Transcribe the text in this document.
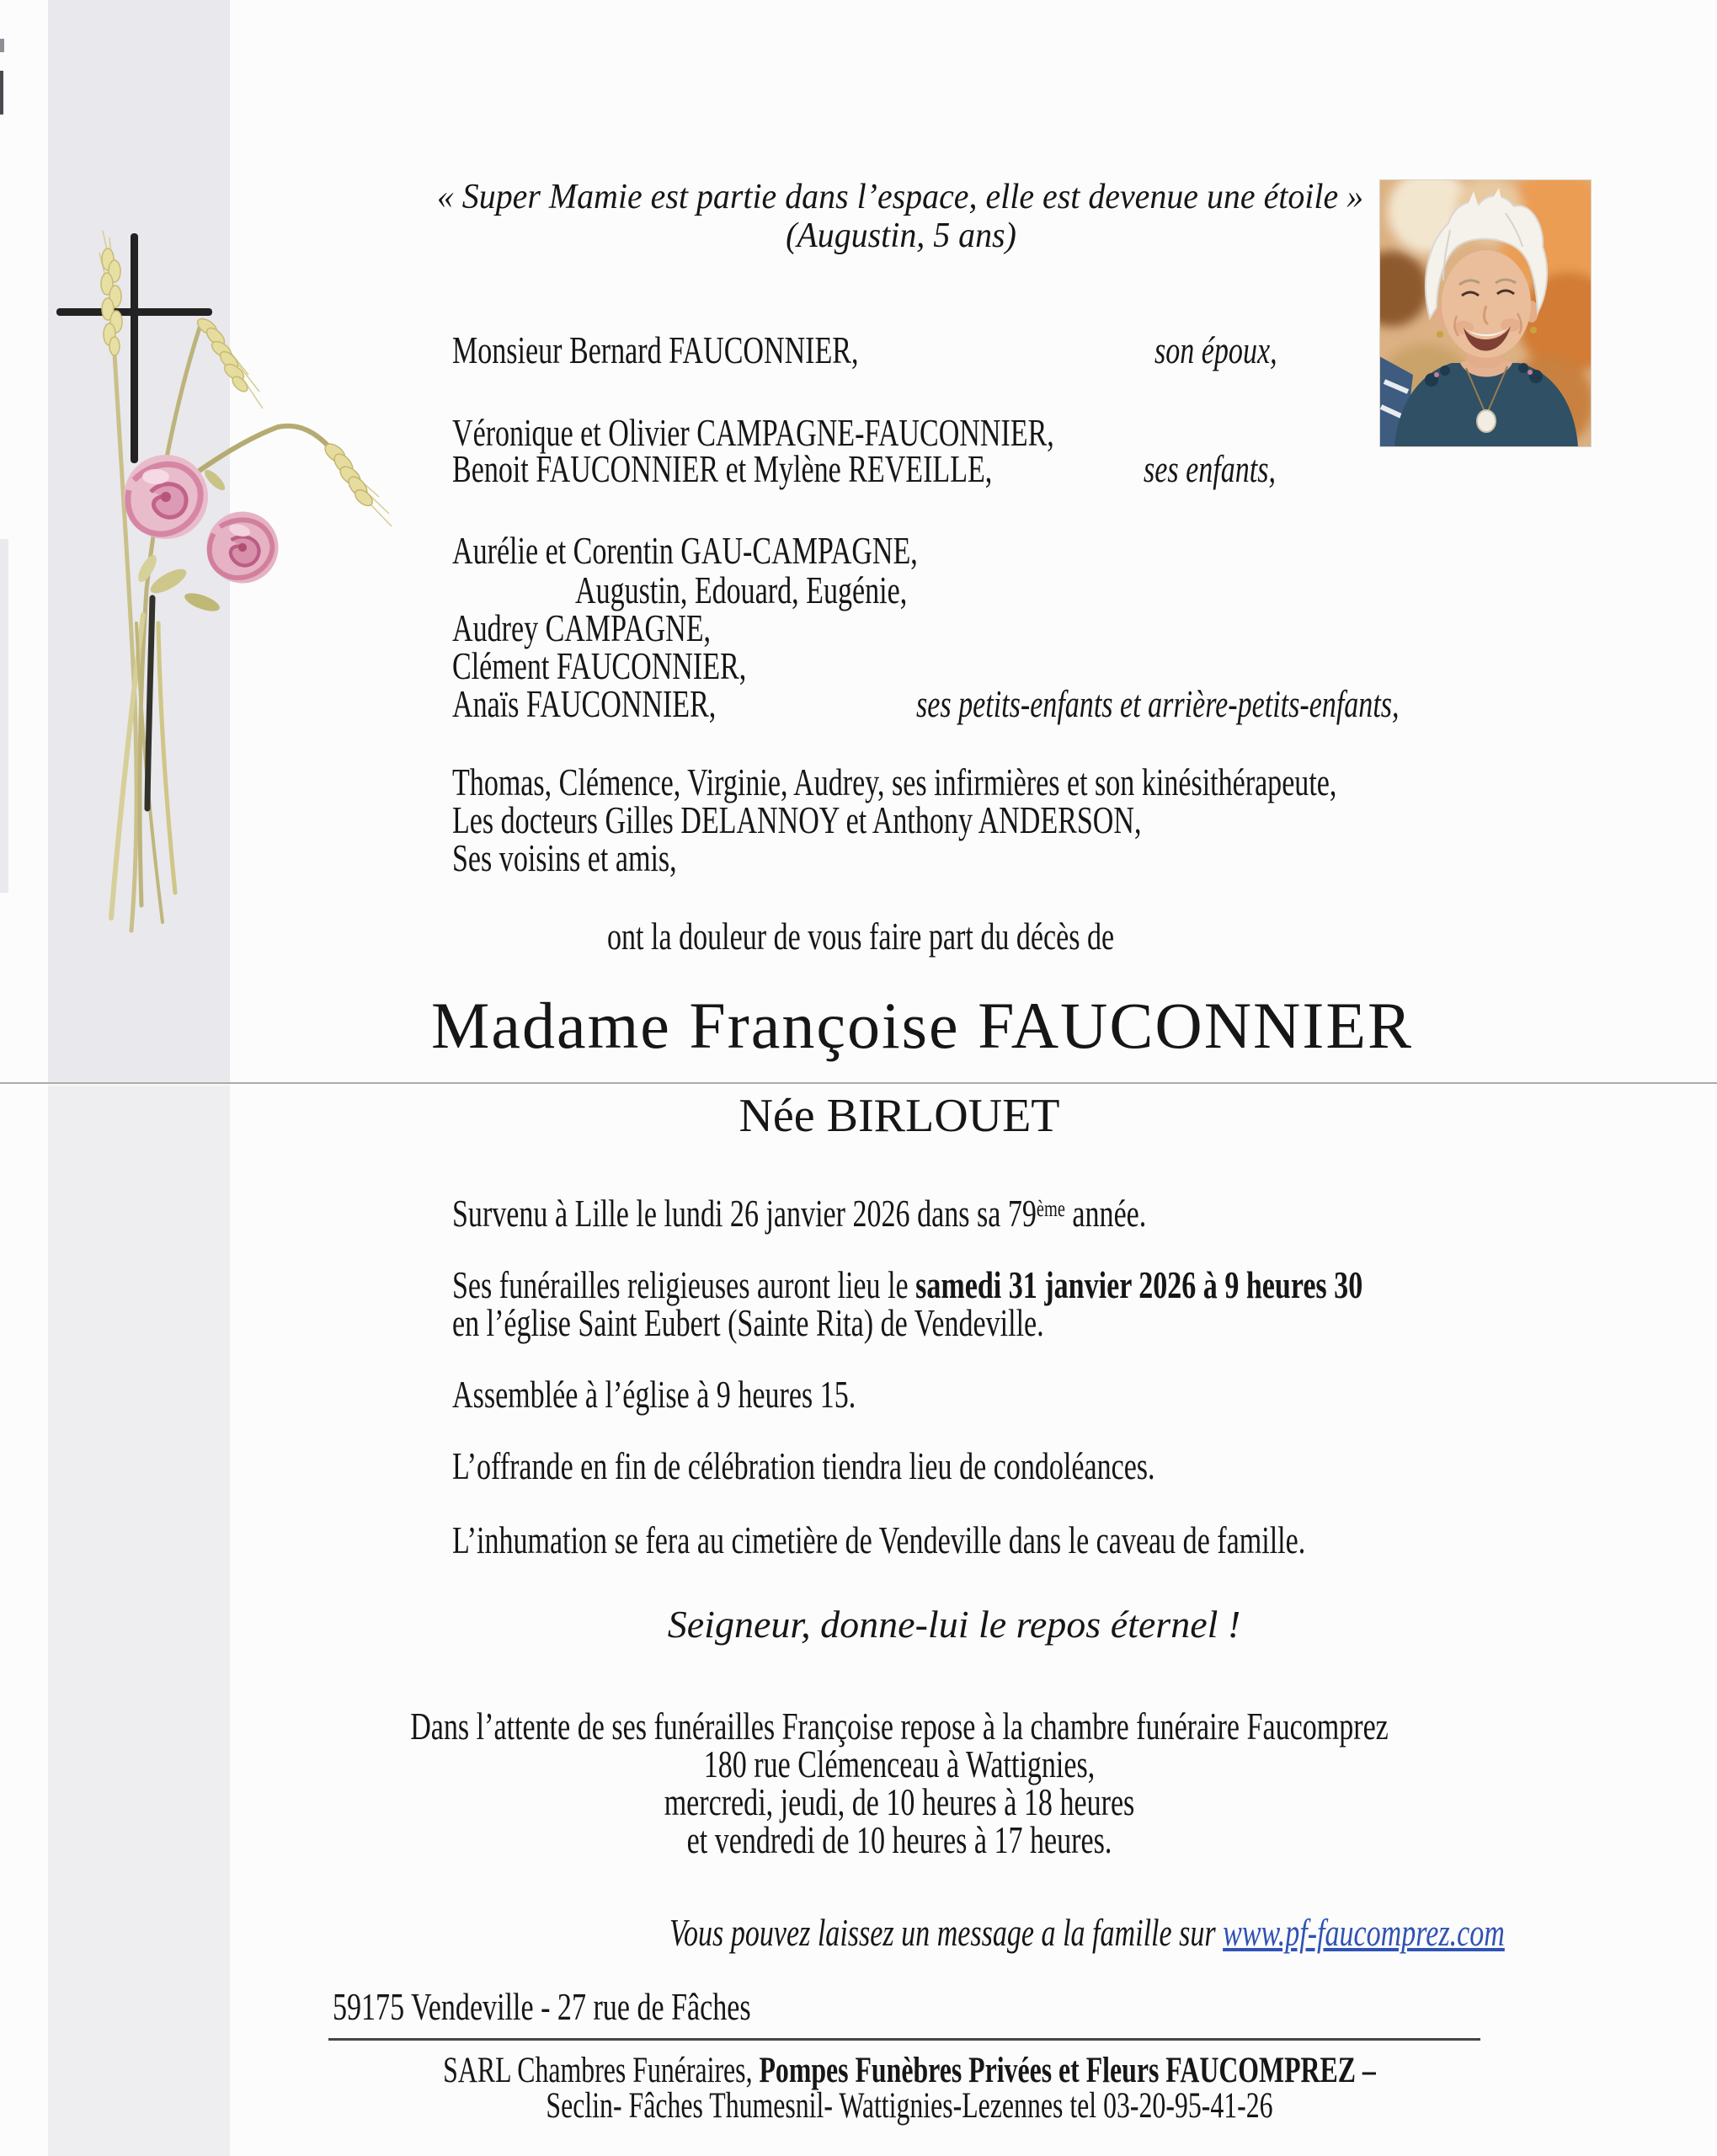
« Super Mamie est partie dans l’espace, elle est devenue une étoile »
(Augustin, 5 ans)
Monsieur Bernard FAUCONNIER,	son époux,
Véronique et Olivier CAMPAGNE-FAUCONNIER,
Benoit FAUCONNIER et Mylène REVEILLE,	ses enfants,
Aurélie et Corentin GAU-CAMPAGNE,
Augustin, Edouard, Eugénie,
Audrey CAMPAGNE,
Clément FAUCONNIER,
Anaïs FAUCONNIER,	ses petits-enfants et arrière-petits-enfants,
Thomas, Clémence, Virginie, Audrey, ses infirmières et son kinésithérapeute,
Les docteurs Gilles DELANNOY et Anthony ANDERSON,
Ses voisins et amis,
ont la douleur de vous faire part du décès de
Madame Françoise FAUCONNIER
Née BIRLOUET
Survenu à Lille le lundi 26 janvier 2026 dans sa 79ème année.
Ses funérailles religieuses auront lieu le samedi 31 janvier 2026 à 9 heures 30
en l’église Saint Eubert (Sainte Rita) de Vendeville.
Assemblée à l’église à 9 heures 15.
L’offrande en fin de célébration tiendra lieu de condoléances.
L’inhumation se fera au cimetière de Vendeville dans le caveau de famille.
Seigneur, donne-lui le repos éternel !
Dans l’attente de ses funérailles Françoise repose à la chambre funéraire Faucomprez
180 rue Clémenceau à Wattignies,
mercredi, jeudi, de 10 heures à 18 heures
et vendredi de 10 heures à 17 heures.
Vous pouvez laissez un message a la famille sur www.pf-faucomprez.com
59175 Vendeville - 27 rue de Fâches
SARL Chambres Funéraires, Pompes Funèbres Privées et Fleurs FAUCOMPREZ –
Seclin- Fâches Thumesnil- Wattignies-Lezennes tel 03-20-95-41-26
